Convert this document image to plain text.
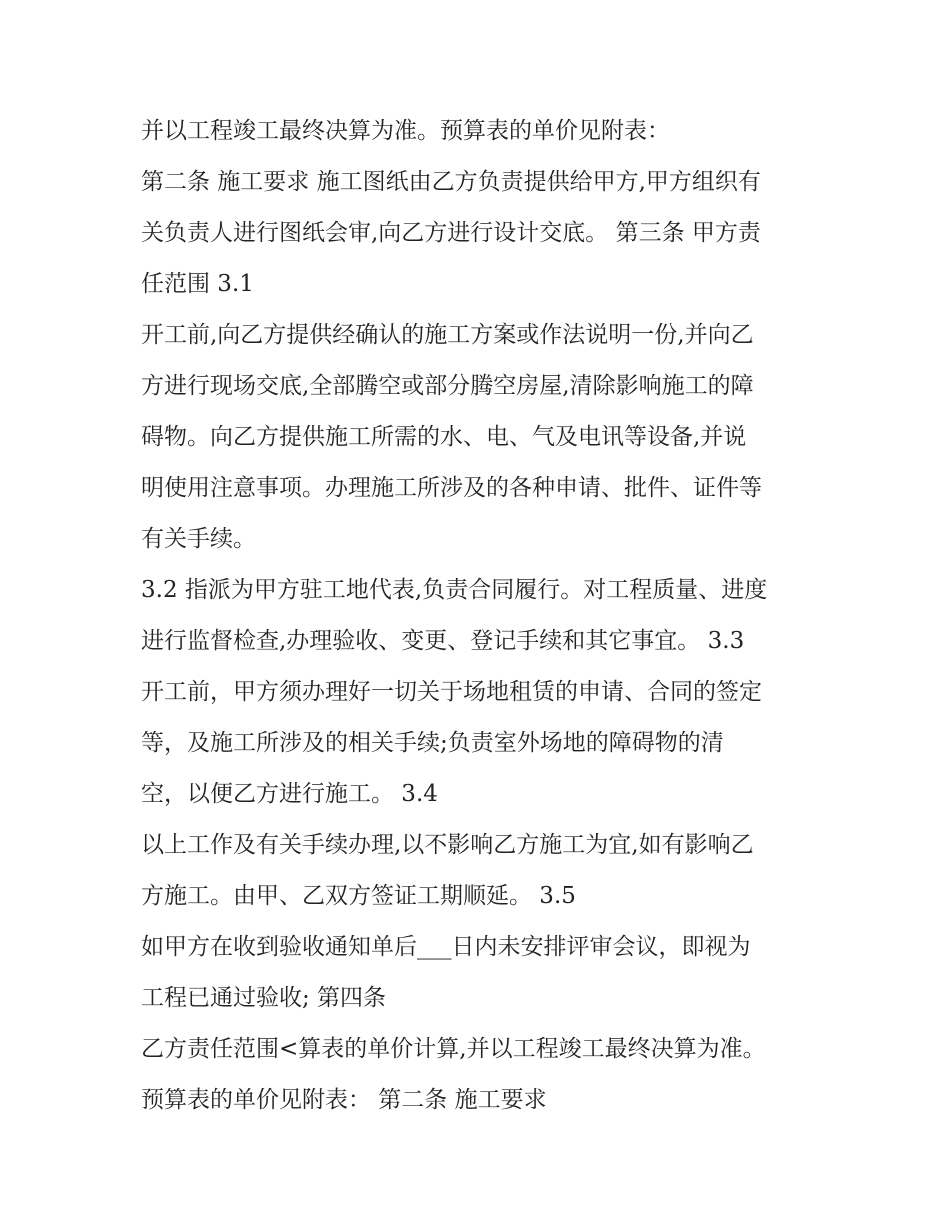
并以工程竣工最终决算为准。预算表的单价见附表：
第二条 施工要求 施工图纸由乙方负责提供给甲方,甲方组织有
关负责人进行图纸会审,向乙方进行设计交底。 第三条 甲方责
任范围 3.1
开工前,向乙方提供经确认的施工方案或作法说明一份,并向乙
方进行现场交底,全部腾空或部分腾空房屋,清除影响施工的障
碍物。向乙方提供施工所需的水、电、气及电讯等设备,并说
明使用注意事项。办理施工所涉及的各种申请、批件、证件等
有关手续。
3.2 指派为甲方驻工地代表,负责合同履行。对工程质量、进度
进行监督检查,办理验收、变更、登记手续和其它事宜。 3.3
开工前，甲方须办理好一切关于场地租赁的申请、合同的签定
等，及施工所涉及的相关手续;负责室外场地的障碍物的清
空，以便乙方进行施工。 3.4
以上工作及有关手续办理,以不影响乙方施工为宜,如有影响乙
方施工。由甲、乙双方签证工期顺延。 3.5
如甲方在收到验收通知单后___日内未安排评审会议，即视为
工程已通过验收; 第四条
乙方责任范围<算表的单价计算,并以工程竣工最终决算为准。
预算表的单价见附表： 第二条 施工要求
